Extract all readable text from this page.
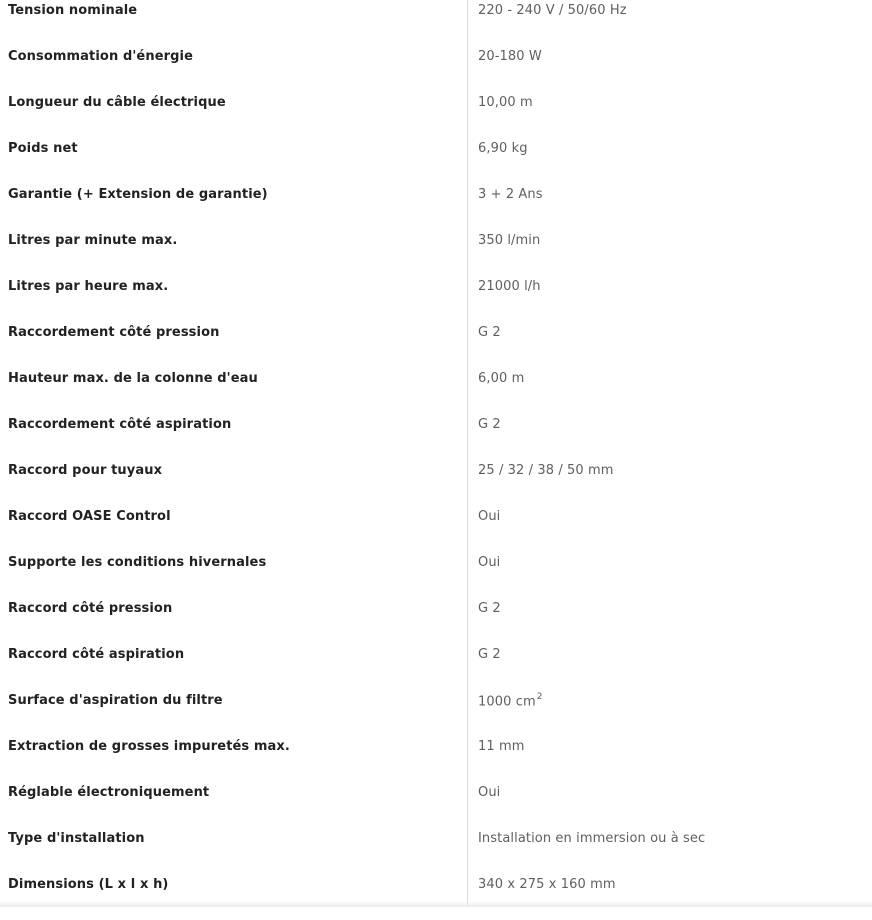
Tension nominale	220 - 240 V / 50/60 Hz
Consommation d'énergie	20-180 W
Longueur du câble électrique	10,00 m
Poids net	6,90 kg
Garantie (+ Extension de garantie)	3 + 2 Ans
Litres par minute max.	350 l/min
Litres par heure max.	21000 l/h
Raccordement côté pression	G 2
Hauteur max. de la colonne d'eau	6,00 m
Raccordement côté aspiration	G 2
Raccord pour tuyaux	25 / 32 / 38 / 50 mm
Raccord OASE Control	Oui
Supporte les conditions hivernales	Oui
Raccord côté pression	G 2
Raccord côté aspiration	G 2
Surface d'aspiration du filtre	1000 $cm^2$
Extraction de grosses impuretés max.	11 mm
Réglable électroniquement	Oui
Type d'installation	Installation en immersion ou à sec
Dimensions (L x l x h)	340 x 275 x 160 mm
